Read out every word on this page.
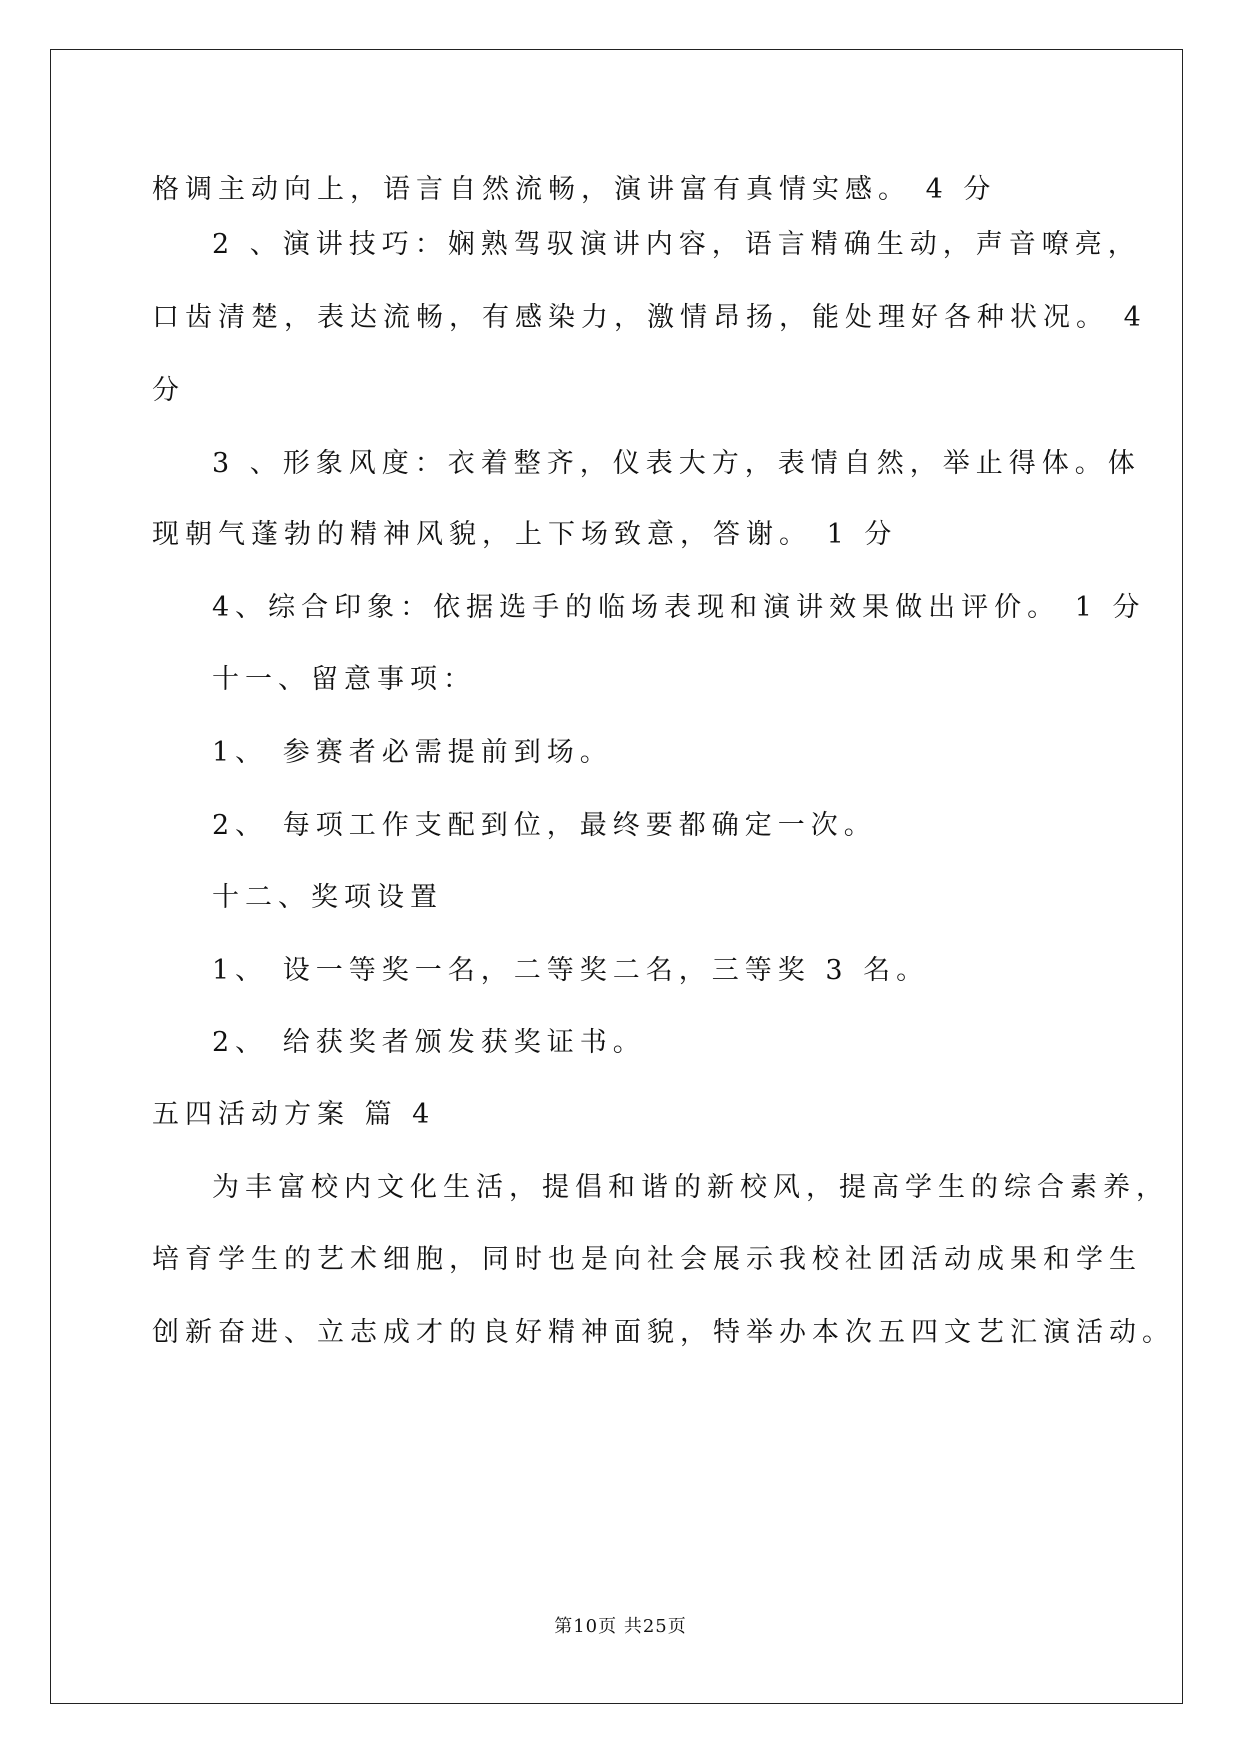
格调主动向上，语言自然流畅，演讲富有真情实感。 4 分
2 、演讲技巧：娴熟驾驭演讲内容，语言精确生动，声音嘹亮，
口齿清楚，表达流畅，有感染力，激情昂扬，能处理好各种状况。 4
分
3 、形象风度：衣着整齐，仪表大方，表情自然，举止得体。体
现朝气蓬勃的精神风貌，上下场致意，答谢。 1 分
4、综合印象：依据选手的临场表现和演讲效果做出评价。 1 分
十一、留意事项：
1、 参赛者必需提前到场。
2、 每项工作支配到位，最终要都确定一次。
十二、奖项设置
1、 设一等奖一名，二等奖二名，三等奖 3 名。
2、 给获奖者颁发获奖证书。
五四活动方案 篇 4
为丰富校内文化生活，提倡和谐的新校风，提高学生的综合素养，
培育学生的艺术细胞，同时也是向社会展示我校社团活动成果和学生
创新奋进、立志成才的良好精神面貌，特举办本次五四文艺汇演活动。
第10页 共25页
